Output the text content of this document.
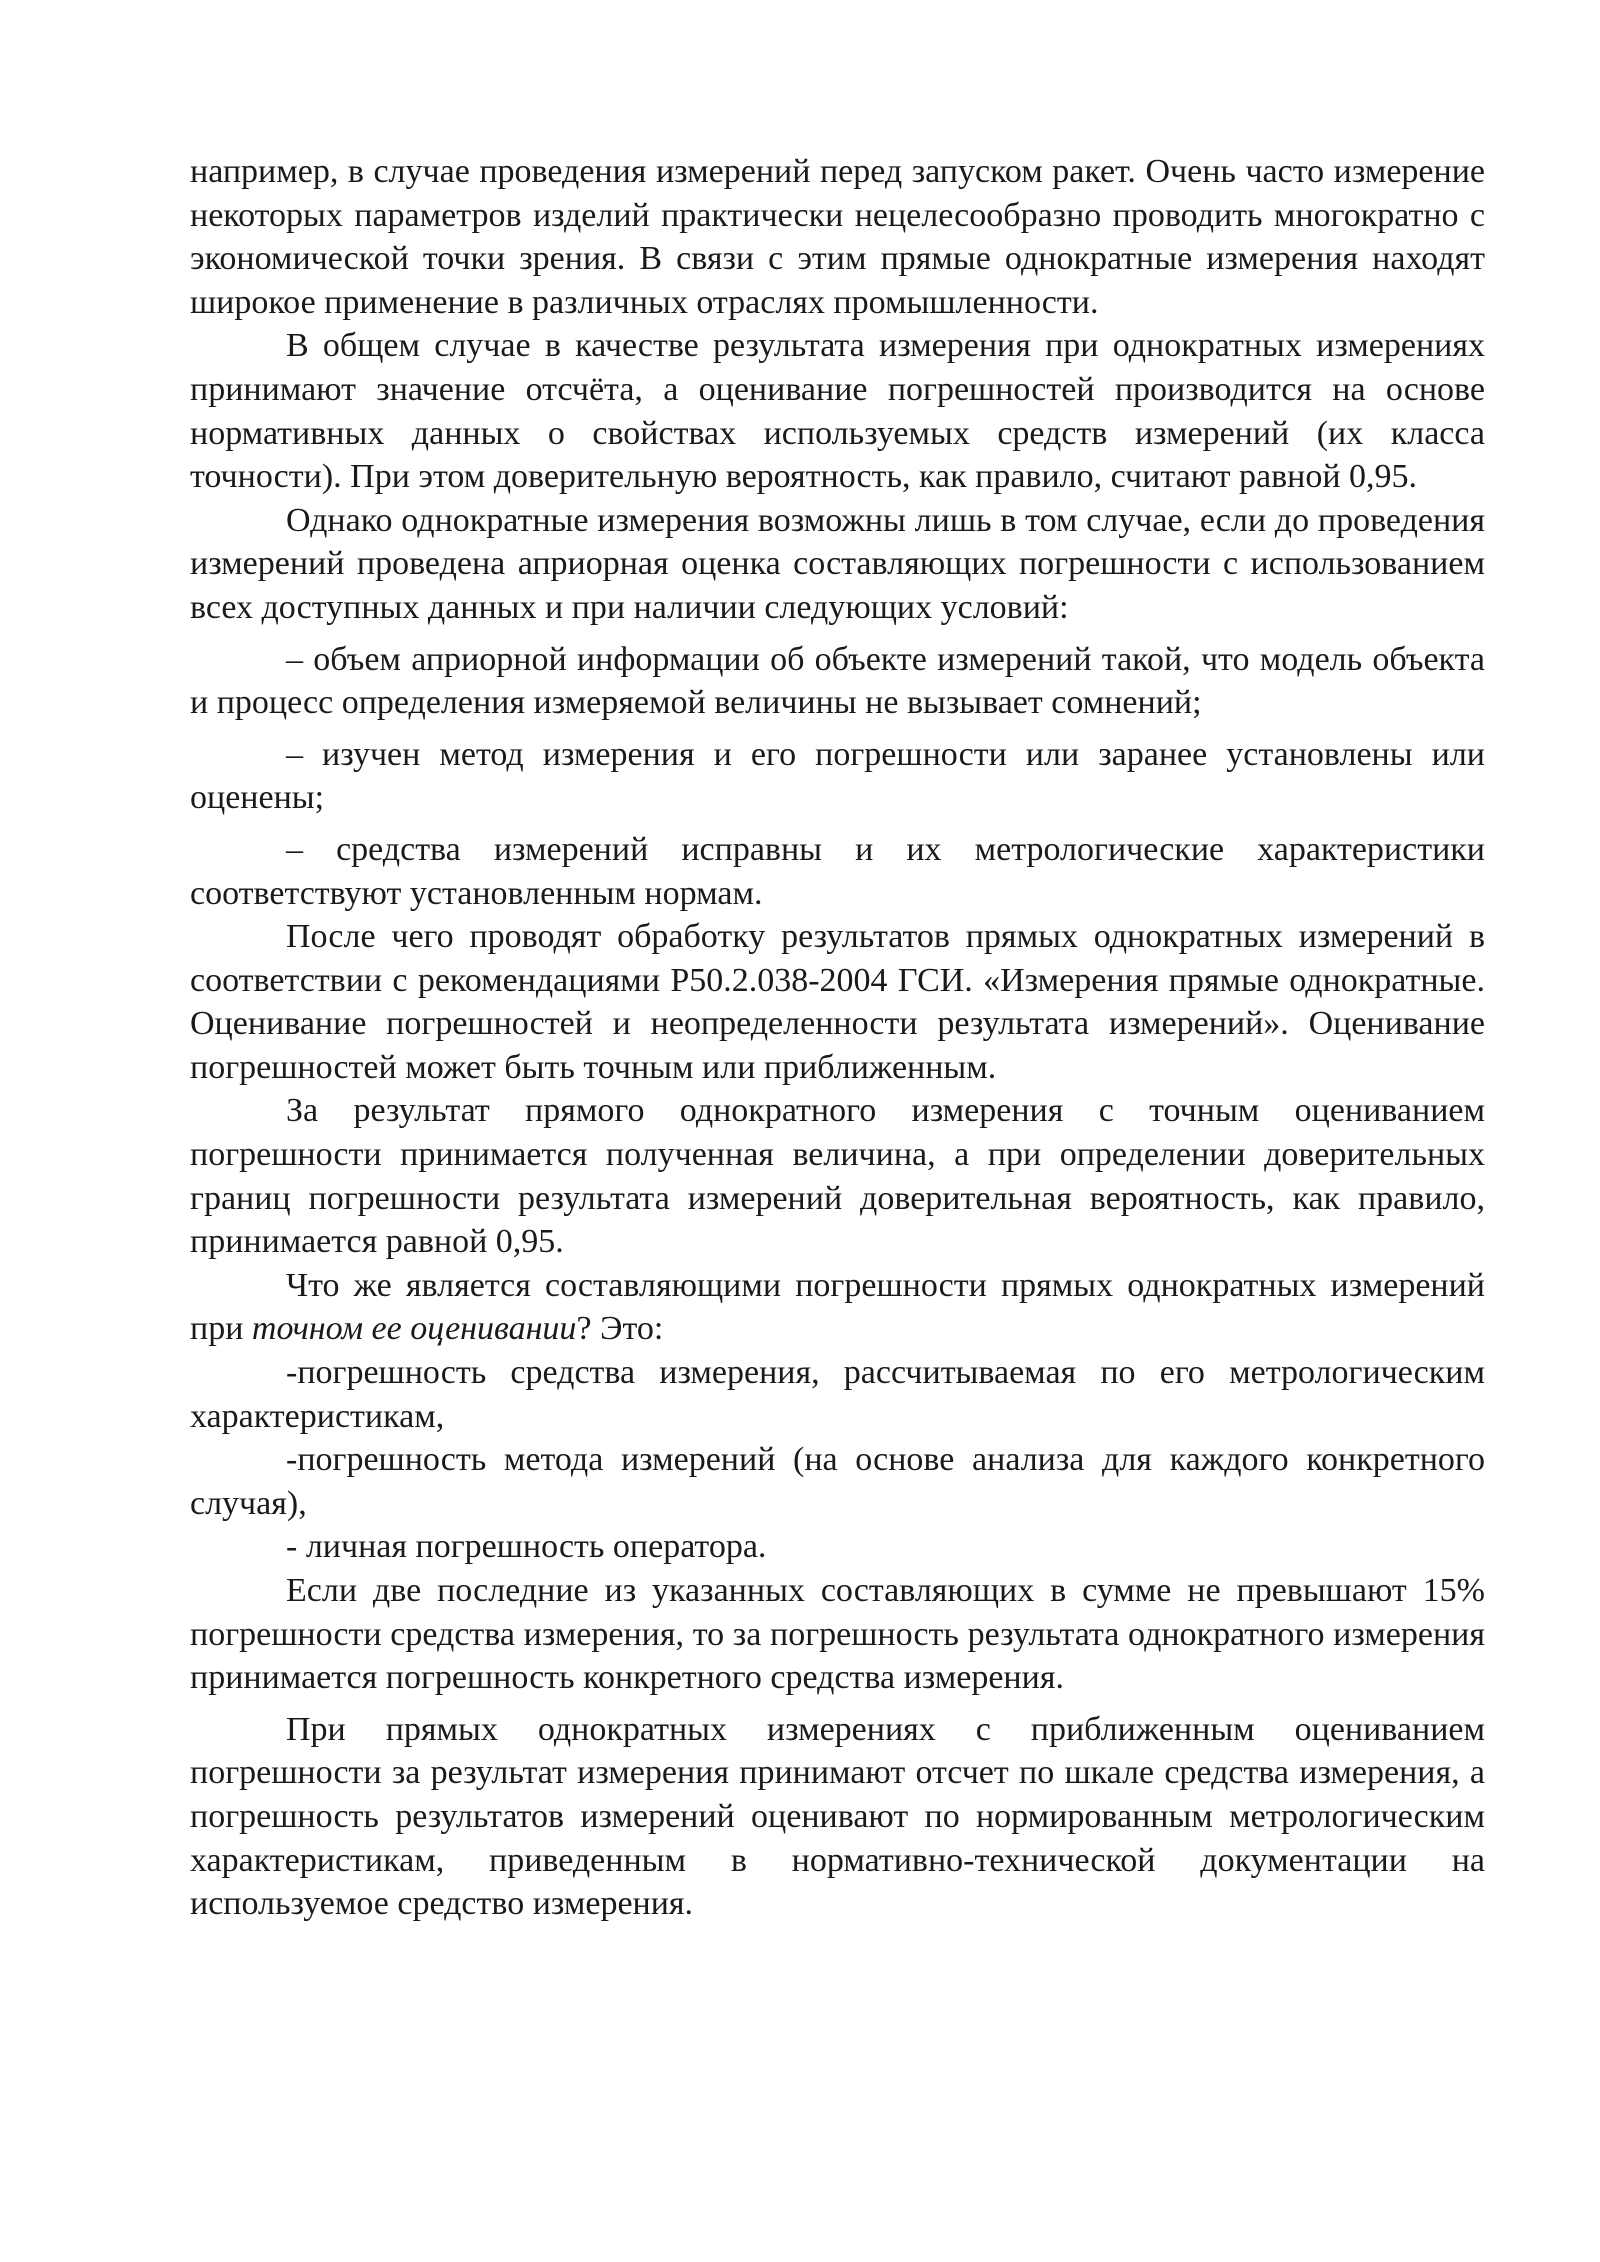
например, в случае проведения измерений перед запуском ракет. Очень часто измерение некоторых параметров изделий практически нецелесообразно проводить многократно с экономической точки зрения. В связи с этим прямые однократные измерения находят широкое применение в различных отраслях промышленности.

В общем случае в качестве результата измерения при однократных измерениях принимают значение отсчёта, а оценивание погрешностей производится на основе нормативных данных о свойствах используемых средств измерений (их класса точности). При этом доверительную вероятность, как правило, считают равной 0,95.

Однако однократные измерения возможны лишь в том случае, если до проведения измерений проведена априорная оценка составляющих погрешности с использованием всех доступных данных и при наличии следующих условий:

– объем априорной информации об объекте измерений такой, что модель объекта и процесс определения измеряемой величины не вызывает сомнений;

– изучен метод измерения и его погрешности или заранее установлены или оценены;

– средства измерений исправны и их метрологические характеристики соответствуют установленным нормам.

После чего проводят обработку результатов прямых однократных измерений в соответствии с рекомендациями Р50.2.038-2004 ГСИ. «Измерения прямые однократные. Оценивание погрешностей и неопределенности результата измерений». Оценивание погрешностей может быть точным или приближенным.

За результат прямого однократного измерения с точным оцениванием погрешности принимается полученная величина, а при определении доверительных границ погрешности результата измерений доверительная вероятность, как правило, принимается равной 0,95.

Что же является составляющими погрешности прямых однократных измерений при точном ее оценивании? Это:

-погрешность средства измерения, рассчитываемая по его метрологическим характеристикам,

-погрешность метода измерений (на основе анализа для каждого конкретного случая),

- личная погрешность оператора.

Если две последние из указанных составляющих в сумме не превышают 15% погрешности средства измерения, то за погрешность результата однократного измерения принимается погрешность конкретного средства измерения.

При прямых однократных измерениях с приближенным оцениванием погрешности за результат измерения принимают отсчет по шкале средства измерения, а погрешность результатов измерений оценивают по нормированным метрологическим характеристикам, приведенным в нормативно-технической документации на используемое средство измерения.
